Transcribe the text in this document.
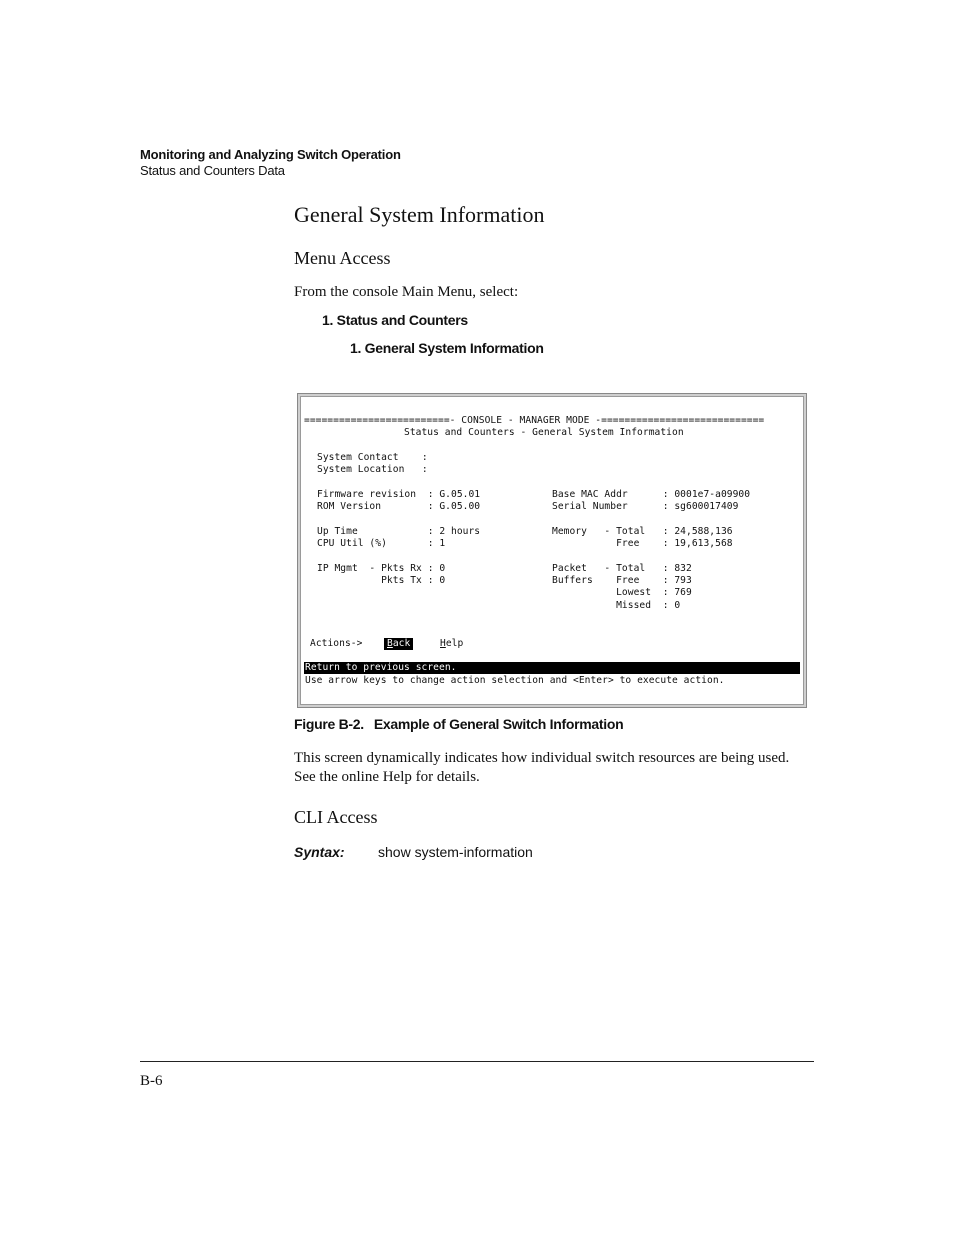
Monitoring and Analyzing Switch Operation
Status and Counters Data
General System Information
Menu Access
From the console Main Menu, select:
1. Status and Counters
1. General System Information
=========================- CONSOLE - MANAGER MODE -============================
Status and Counters - General System Information
System Contact    :
System Location   :
Firmware revision  : G.05.01	Base MAC Addr      : 0001e7-a09900
ROM Version        : G.05.00	Serial Number      : sg600017409
Up Time            : 2 hours	Memory   - Total   : 24,588,136
CPU Util (%)       : 1	Free    : 19,613,568
IP Mgmt  - Pkts Rx : 0	Packet   - Total   : 832
Pkts Tx : 0	Buffers    Free    : 793
Lowest  : 769
Missed  : 0
Actions->	Back	Help
Return to previous screen.
Use arrow keys to change action selection and <Enter> to execute action.
Figure B-2. Example of General Switch Information
This screen dynamically indicates how individual switch resources are being used. See the online Help for details.
CLI Access
Syntax: show system-information
B-6
